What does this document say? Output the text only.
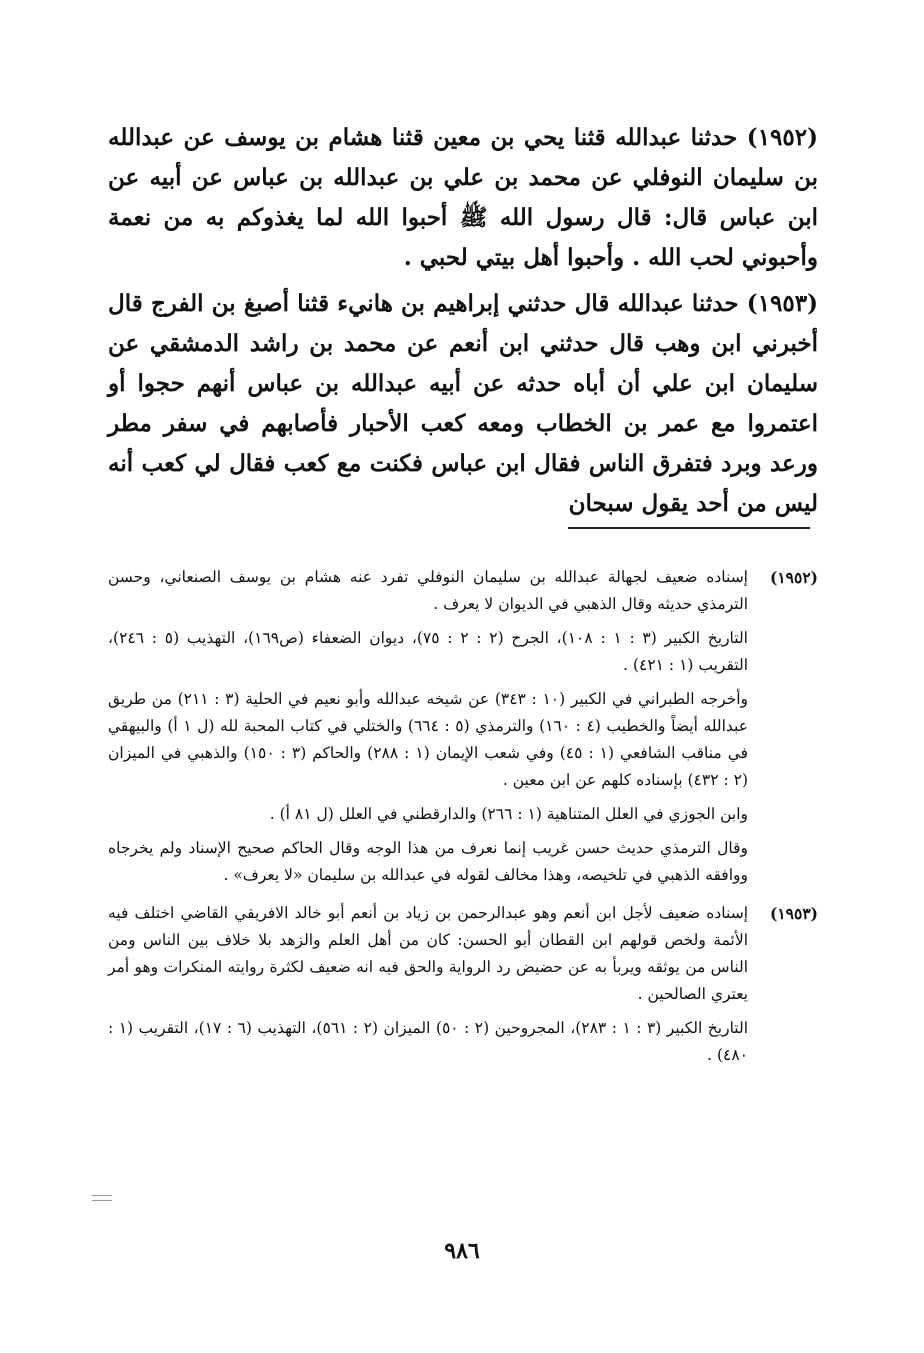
(١٩٥٢) حدثنا عبدالله قثنا يحي بن معين قثنا هشام بن يوسف عن عبدالله بن سليمان النوفلي عن محمد بن علي بن عبدالله بن عباس عن أبيه عن ابن عباس قال: قال رسول الله ﷺ أحبوا الله لما يغذوكم به من نعمة وأحبوني لحب الله . وأحبوا أهل بيتي لحبي .

(١٩٥٣) حدثنا عبدالله قال حدثني إبراهيم بن هانيء قثنا أصبغ بن الفرج قال أخبرني ابن وهب قال حدثني ابن أنعم عن محمد بن راشد الدمشقي عن سليمان ابن علي أن أباه حدثه عن أبيه عبدالله بن عباس أنهم حجوا أو اعتمروا مع عمر بن الخطاب ومعه كعب الأحبار فأصابهم في سفر مطر ورعد وبرد فتفرق الناس فقال ابن عباس فكنت مع كعب فقال لي كعب أنه ليس من أحد يقول سبحان

(١٩٥٢)

إسناده ضعيف لجهالة عبدالله بن سليمان النوفلي تفرد عنه هشام بن يوسف الصنعاني، وحسن الترمذي حديثه وقال الذهبي في الديوان لا يعرف .

التاريخ الكبير (٣ : ١ : ١٠٨)، الجرح (٢ : ٢ : ٧٥)، ديوان الضعفاء (ص١٦٩)، التهذيب (٥ : ٢٤٦)، التقريب (١ : ٤٢١) .

وأخرجه الطبراني في الكبير (١٠ : ٣٤٣) عن شيخه عبدالله وأبو نعيم في الحلية (٣ : ٢١١) من طريق عبدالله أيضاً والخطيب (٤ : ١٦٠) والترمذي (٥ : ٦٦٤) والختلي في كتاب المحبة لله (ل ١ أ) والبيهقي في مناقب الشافعي (١ : ٤٥) وفي شعب الإيمان (١ : ٢٨٨) والحاكم (٣ : ١٥٠) والذهبي في الميزان (٢ : ٤٣٢) بإسناده كلهم عن ابن معين .

وابن الجوزي في العلل المتناهية (١ : ٢٦٦) والدارقطني في العلل (ل ٨١ أ) .

وقال الترمذي حديث حسن غريب إنما نعرف من هذا الوجه وقال الحاكم صحيح الإسناد ولم يخرجاه ووافقه الذهبي في تلخيصه، وهذا مخالف لقوله في عبدالله بن سليمان «لا يعرف» .

(١٩٥٣)

إسناده ضعيف لأجل ابن أنعم وهو عبدالرحمن بن زياد بن أنعم أبو خالد الافريقي القاضي اختلف فيه الأئمة ولخص قولهم ابن القطان أبو الحسن: كان من أهل العلم والزهد بلا خلاف بين الناس ومن الناس من يوثقه ويربأ به عن حضيض رد الرواية والحق فيه انه ضعيف لكثرة روايته المنكرات وهو أمر يعتري الصالحين .

التاريخ الكبير (٣ : ١ : ٢٨٣)، المجروحين (٢ : ٥٠) الميزان (٢ : ٥٦١)، التهذيب (٦ : ١٧)، التقريب (١ : ٤٨٠) .

٩٨٦
